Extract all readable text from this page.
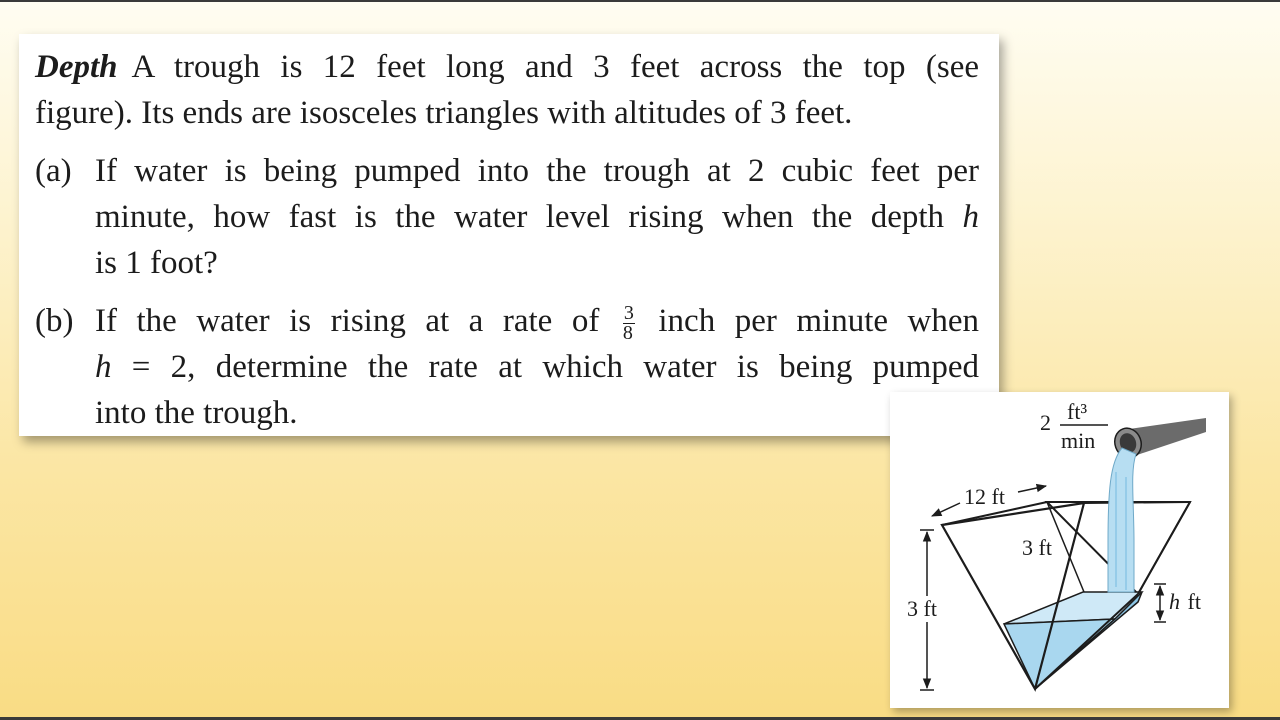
Depth A trough is 12 feet long and 3 feet across the top (see
figure). Its ends are isosceles triangles with altitudes of 3 feet.
(a) If water is being pumped into the trough at 2 cubic feet per
minute, how fast is the water level rising when the depth h
is 1 foot?
(b) If the water is rising at a rate of $\frac{3}{8}$ inch per minute when
h = 2, determine the rate at which water is being pumped
into the trough.	2 ft³
min
12 ft
3 ft
3 ft	h ft
